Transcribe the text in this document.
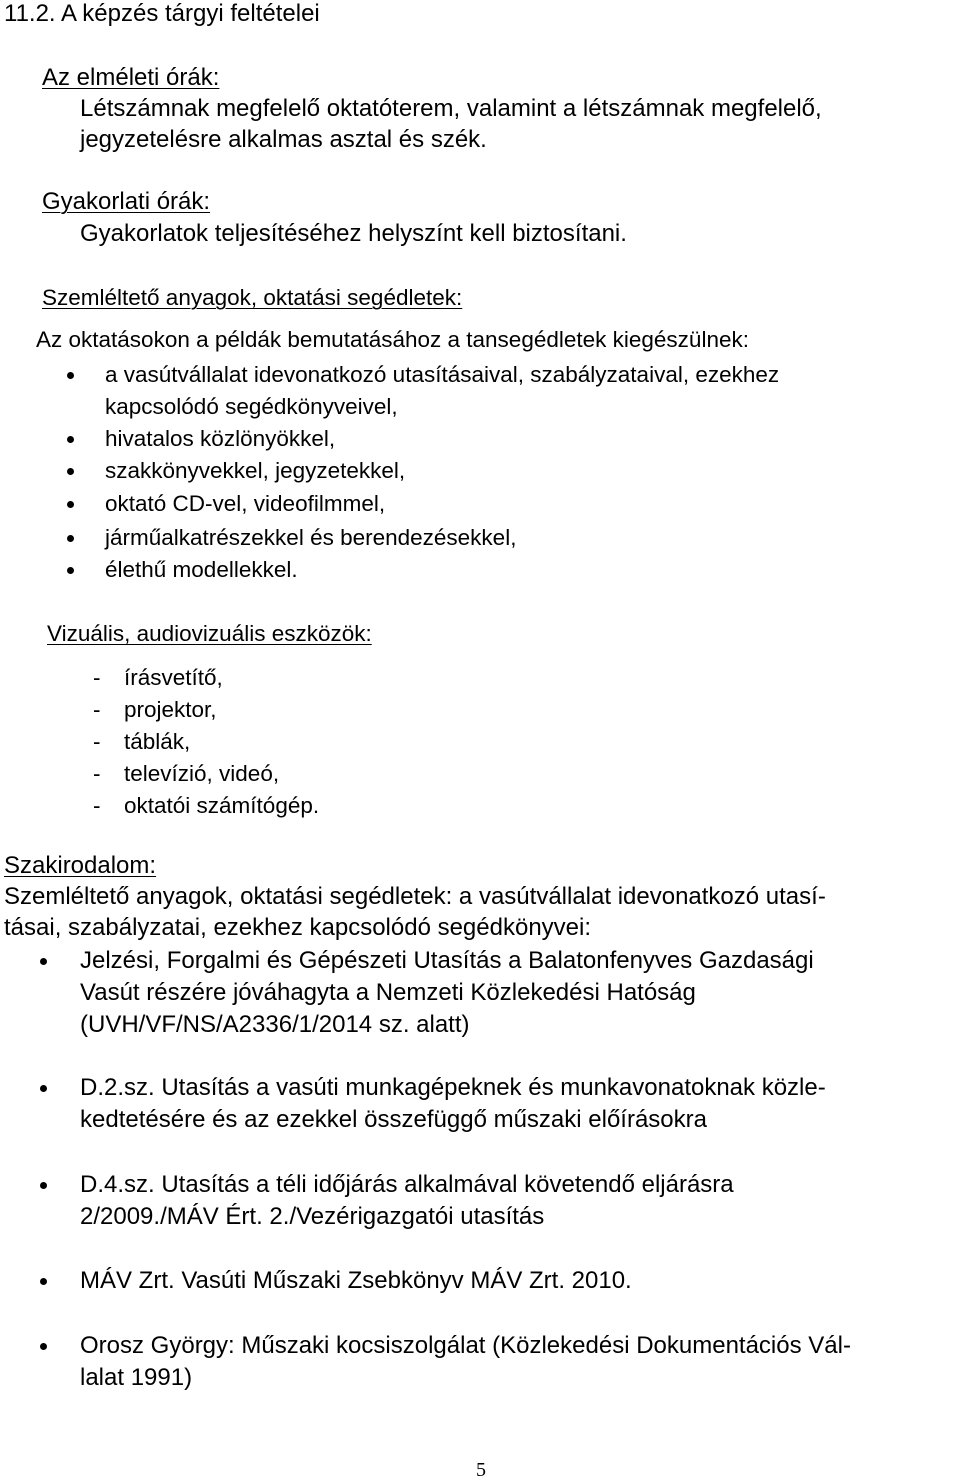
11.2. A képzés tárgyi feltételei
Az elméleti órák:
Létszámnak megfelelő oktatóterem, valamint a létszámnak megfelelő,
jegyzetelésre alkalmas asztal és szék.
Gyakorlati órák:
Gyakorlatok teljesítéséhez helyszínt kell biztosítani.
Szemléltető anyagok, oktatási segédletek:
Az oktatásokon a példák bemutatásához a tansegédletek kiegészülnek:
a vasútvállalat idevonatkozó utasításaival, szabályzataival, ezekhez
kapcsolódó segédkönyveivel,
hivatalos közlönyökkel,
szakkönyvekkel, jegyzetekkel,
oktató CD-vel, videofilmmel,
járműalkatrészekkel és berendezésekkel,
élethű modellekkel.
Vizuális, audiovizuális eszközök:
- írásvetítő,
- projektor,
- táblák,
- televízió, videó,
- oktatói számítógép.
Szakirodalom:
Szemléltető anyagok, oktatási segédletek: a vasútvállalat idevonatkozó utasí-
tásai, szabályzatai, ezekhez kapcsolódó segédkönyvei:
Jelzési, Forgalmi és Gépészeti Utasítás a Balatonfenyves Gazdasági
Vasút részére jóváhagyta a Nemzeti Közlekedési Hatóság
(UVH/VF/NS/A2336/1/2014 sz. alatt)
D.2.sz. Utasítás a vasúti munkagépeknek és munkavonatoknak közle-
kedtetésére és az ezekkel összefüggő műszaki előírásokra
D.4.sz. Utasítás a téli időjárás alkalmával követendő eljárásra
2/2009./MÁV Ért. 2./Vezérigazgatói utasítás
MÁV Zrt. Vasúti Műszaki Zsebkönyv MÁV Zrt. 2010.
Orosz György: Műszaki kocsiszolgálat (Közlekedési Dokumentációs Vál-
lalat 1991)
5
